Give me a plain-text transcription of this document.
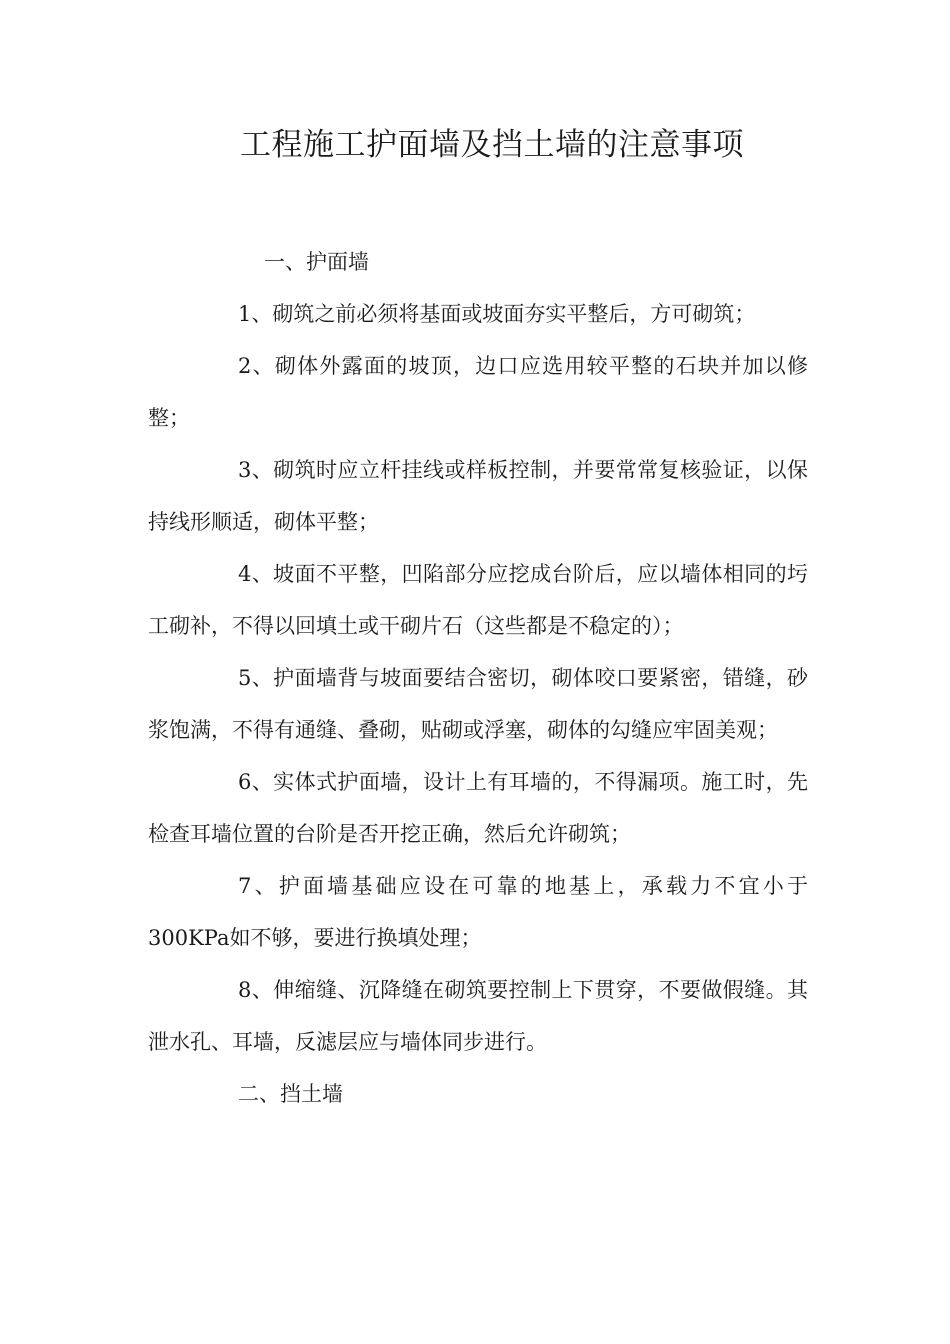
工程施工护面墙及挡土墙的注意事项

一、护面墙

1、砌筑之前必须将基面或坡面夯实平整后，方可砌筑；

2、砌体外露面的坡顶，边口应选用较平整的石块并加以修整；

3、砌筑时应立杆挂线或样板控制，并要常常复核验证，以保持线形顺适，砌体平整；

4、坡面不平整，凹陷部分应挖成台阶后，应以墙体相同的圬工砌补，不得以回填土或干砌片石（这些都是不稳定的）；

5、护面墙背与坡面要结合密切，砌体咬口要紧密，错缝，砂浆饱满，不得有通缝、叠砌，贴砌或浮塞，砌体的勾缝应牢固美观；

6、实体式护面墙，设计上有耳墙的，不得漏项。施工时，先检查耳墙位置的台阶是否开挖正确，然后允许砌筑；

7、护面墙基础应设在可靠的地基上，承载力不宜小于300KPa如不够，要进行换填处理；

8、伸缩缝、沉降缝在砌筑要控制上下贯穿，不要做假缝。其泄水孔、耳墙，反滤层应与墙体同步进行。

二、挡土墙
